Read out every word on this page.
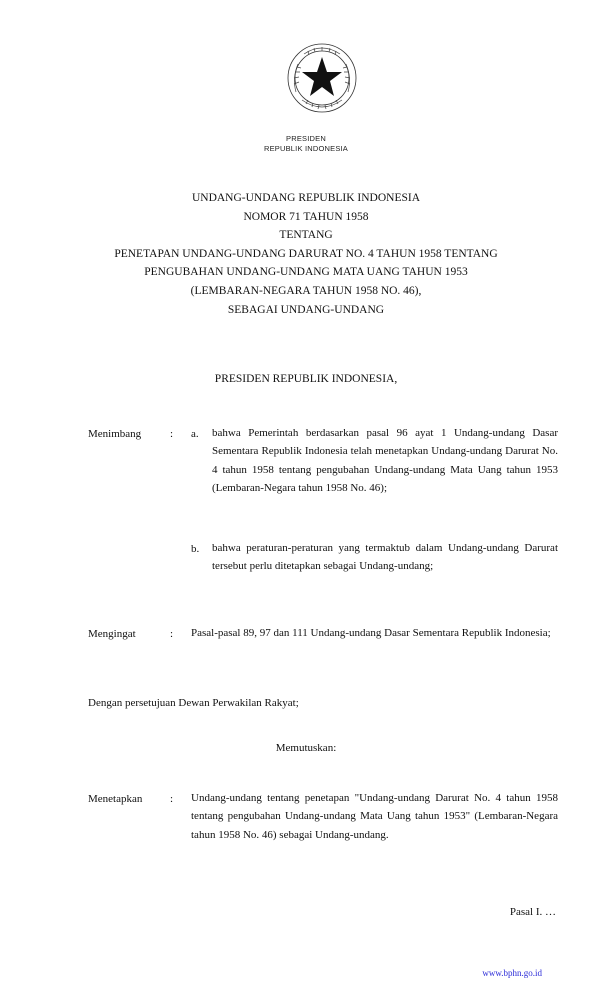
PRESIDEN
REPUBLIK INDONESIA
UNDANG-UNDANG REPUBLIK INDONESIA
NOMOR 71 TAHUN 1958
TENTANG
PENETAPAN UNDANG-UNDANG DARURAT NO. 4 TAHUN 1958 TENTANG
PENGUBAHAN UNDANG-UNDANG MATA UANG TAHUN 1953
(LEMBARAN-NEGARA TAHUN 1958 NO. 46),
SEBAGAI UNDANG-UNDANG
PRESIDEN REPUBLIK INDONESIA,
Menimbang	: a. bahwa Pemerintah berdasarkan pasal 96 ayat 1 Undang-undang Dasar Sementara Republik Indonesia telah menetapkan Undang-undang Darurat No. 4 tahun 1958 tentang pengubahan Undang-undang Mata Uang tahun 1953 (Lembaran-Negara tahun 1958 No. 46);
b. bahwa peraturan-peraturan yang termaktub dalam Undang-undang Darurat tersebut perlu ditetapkan sebagai Undang-undang;
Mengingat	: Pasal-pasal 89, 97 dan 111 Undang-undang Dasar Sementara Republik Indonesia;
Dengan persetujuan Dewan Perwakilan Rakyat;
Memutuskan:
Menetapkan	: Undang-undang tentang penetapan "Undang-undang Darurat No. 4 tahun 1958 tentang pengubahan Undang-undang Mata Uang tahun 1953" (Lembaran-Negara tahun 1958 No. 46) sebagai Undang-undang.
Pasal I. …
www.bphn.go.id
